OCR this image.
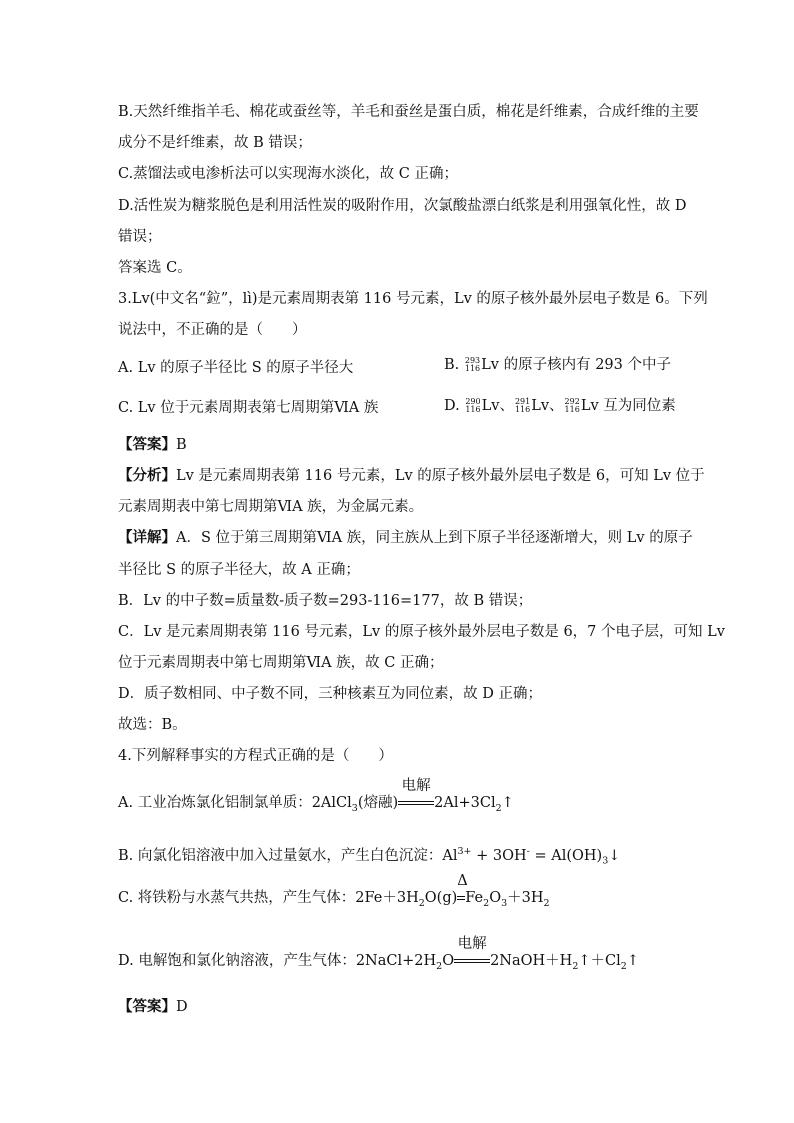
B.天然纤维指羊毛、棉花或蚕丝等，羊毛和蚕丝是蛋白质，棉花是纤维素，合成纤维的主要
成分不是纤维素，故 B 错误；
C.蒸馏法或电渗析法可以实现海水淡化，故 C 正确；
D.活性炭为糖浆脱色是利用活性炭的吸附作用，次氯酸盐漂白纸浆是利用强氧化性，故 D
错误；
答案选 C。
3.Lv(中文名“鉝”，lì)是元素周期表第 116 号元素，Lv 的原子核外最外层电子数是 6。下列
说法中，不正确的是（　　）
A. Lv 的原子半径比 S 的原子半径大	B. 293
116 Lv 的原子核内有 293 个中子
C. Lv 位于元素周期表第七周期第ⅥA 族	D. 290
116 Lv、 291
116 Lv、 292
116 Lv 互为同位素
【答案】B
【分析】Lv 是元素周期表第 116 号元素，Lv 的原子核外最外层电子数是 6，可知 Lv 位于
元素周期表中第七周期第ⅥA 族，为金属元素。
【详解】A．S 位于第三周期第ⅥA 族，同主族从上到下原子半径逐渐增大，则 Lv 的原子
半径比 S 的原子半径大，故 A 正确；
B．Lv 的中子数=质量数-质子数=293-116=177，故 B 错误；
C．Lv 是元素周期表第 116 号元素，Lv 的原子核外最外层电子数是 6，7 个电子层，可知 Lv
位于元素周期表中第七周期第ⅥA 族，故 C 正确；
D．质子数相同、中子数不同，三种核素互为同位素，故 D 正确；
故选：B。
4.下列解释事实的方程式正确的是（　　）
A. 工业冶炼氯化铝制氯单质：2AlCl$_3$(熔融)
电解
$2Al+3Cl_2↑$
B. 向氯化铝溶液中加入过量氨水，产生白色沉淀：$Al^{3+} + 3OH^-$ = $Al(OH)_3↓$
C. 将铁粉与水蒸气共热，产生气体：$2Fe+3H_2O(g)$
Δ
$Fe_2O_3+3H_2$
D. 电解饱和氯化钠溶液，产生气体：$2NaCl+2H_2O$
电解
$2NaOH+H_2↑+Cl_2↑$
【答案】D
